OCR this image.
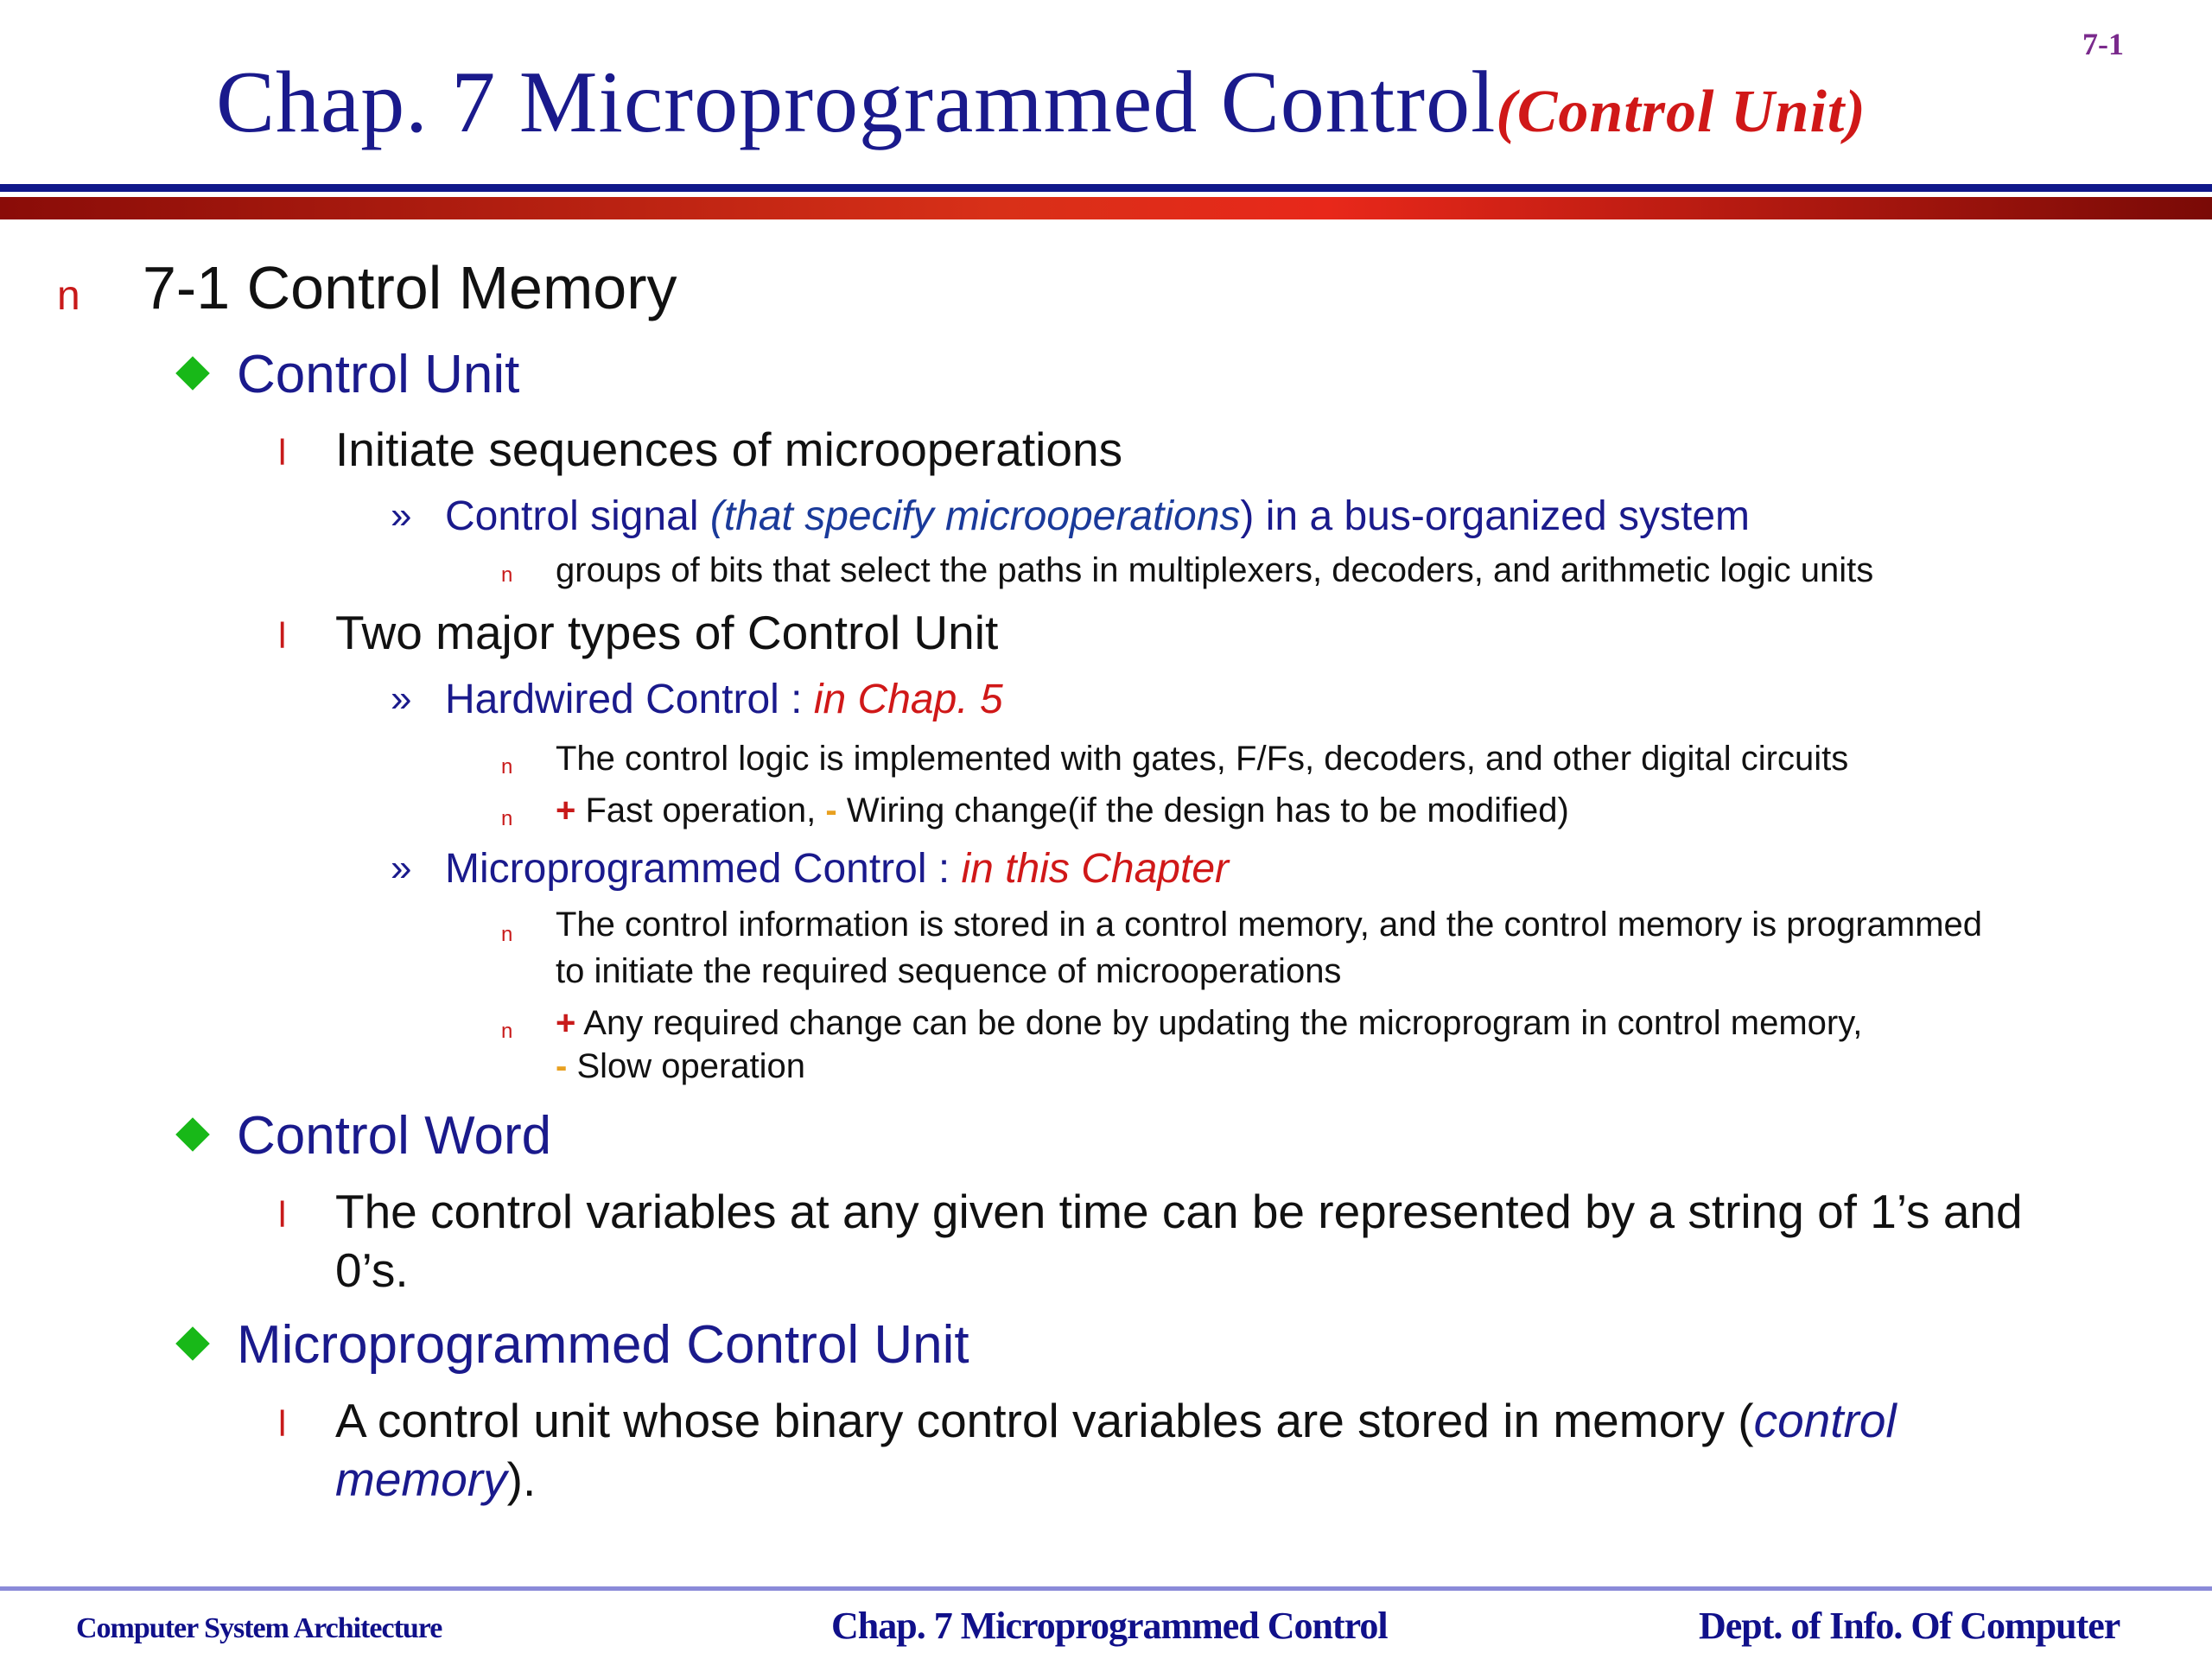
7-1
Chap. 7 Microprogrammed Control(Control Unit)
n 7-1 Control Memory
Control Unit
l Initiate sequences of microoperations
» Control signal (that specify microoperations) in a bus-organized system
n groups of bits that select the paths in multiplexers, decoders, and arithmetic logic units
l Two major types of Control Unit
» Hardwired Control : in Chap. 5
n The control logic is implemented with gates, F/Fs, decoders, and other digital circuits
n + Fast operation, - Wiring change(if the design has to be modified)
» Microprogrammed Control : in this Chapter
n The control information is stored in a control memory, and the control memory is programmed
to initiate the required sequence of microoperations
n + Any required change can be done by updating the microprogram in control memory,
- Slow operation
Control Word
l The control variables at any given time can be represented by a string of 1’s and
0’s.
Microprogrammed Control Unit
l A control unit whose binary control variables are stored in memory (control
memory).
Computer System Architecture	Chap. 7 Microprogrammed Control	Dept. of Info. Of Computer
